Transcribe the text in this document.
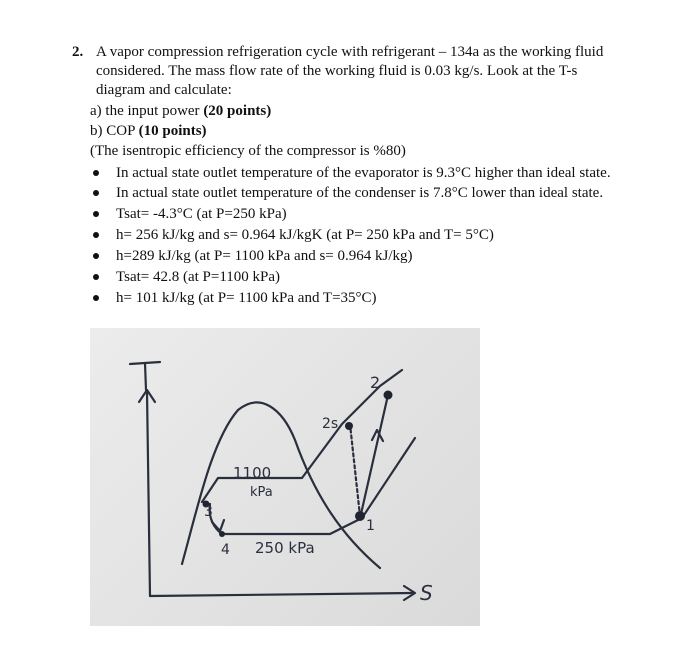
2. A vapor compression refrigeration cycle with refrigerant – 134a as the working fluid
considered. The mass flow rate of the working fluid is 0.03 kg/s. Look at the T-s
diagram and calculate:
a) the input power (20 points)
b) COP (10 points)
(The isentropic efficiency of the compressor is %80)
In actual state outlet temperature of the evaporator is 9.3°C higher than ideal state.
In actual state outlet temperature of the condenser is 7.8°C lower than ideal state.
Tsat= -4.3°C (at P=250 kPa)
h= 256 kJ/kg and s= 0.964 kJ/kgK (at P= 250 kPa and T= 5°C)
h=289 kJ/kg (at P= 1100 kPa and s= 0.964 kJ/kg)
Tsat= 42.8 (at P=1100 kPa)
h= 101 kJ/kg (at P= 1100 kPa and T=35°C)
S
2
2s
1
3
4
1100
kPa
250 kPa
T
